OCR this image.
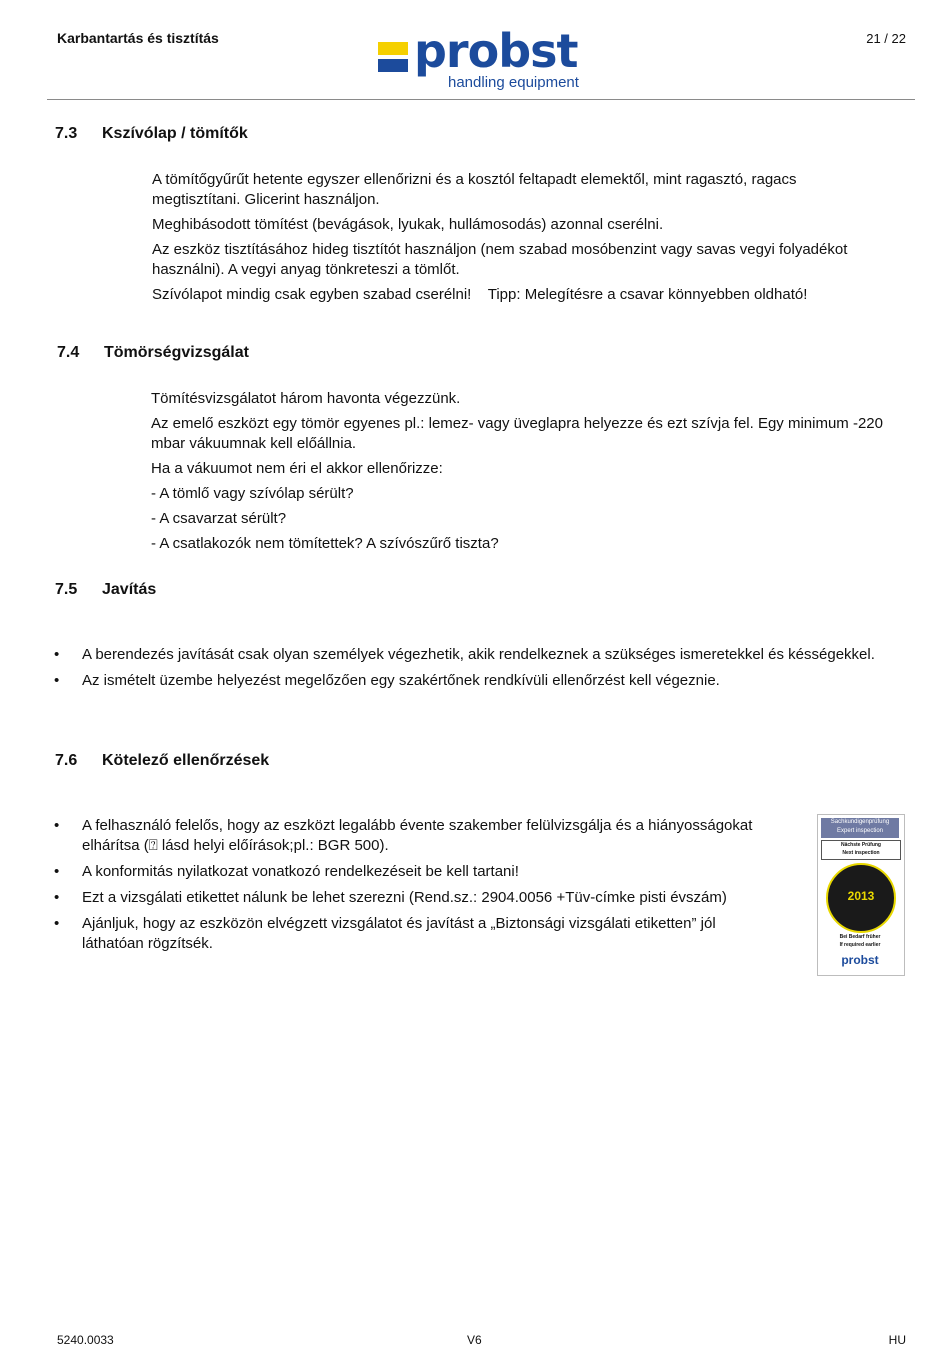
Karbantartás és tisztítás	probst
handling equipment
21 / 22
7.3 Kszívólap / tömítők

A tömítőgyűrűt hetente egyszer ellenőrizni és a kosztól feltapadt elemektől, mint ragasztó, ragacs megtisztítani. Glicerint használjon.

Meghibásodott tömítést (bevágások, lyukak, hullámosodás) azonnal cserélni.

Az eszköz tisztításához hideg tisztítót használjon (nem szabad mosóbenzint vagy savas vegyi folyadékot használni). A vegyi anyag tönkreteszi a tömlőt.

Szívólapot mindig csak egyben szabad cserélni!    Tipp: Melegítésre a csavar könnyebben oldható!

7.4 Tömörségvizsgálat

Tömítésvizsgálatot három havonta végezzünk.

Az emelő eszközt egy tömör egyenes pl.: lemez- vagy üveglapra helyezze és ezt szívja fel. Egy minimum -220 mbar vákuumnak kell előállnia.

Ha a vákuumot nem éri el akkor ellenőrizze:

- A tömlő vagy szívólap sérült?

- A csavarzat sérült?

- A csatlakozók nem tömítettek? A szívószűrő tiszta?

7.5 Javítás
• A berendezés javítását csak olyan személyek végezhetik, akik rendelkeznek a szükséges ismeretekkel és késségekkel.
• Az ismételt üzembe helyezést megelőzően egy szakértőnek rendkívüli ellenőrzést kell végeznie.
7.6 Kötelező ellenőrzések
• A felhasználó felelős, hogy az eszközt legalább évente szakember felülvizsgálja és a hiányosságokat elhárítsa (⍰ lásd helyi előírások;pl.: BGR 500).
• A konformitás nyilatkozat vonatkozó rendelkezéseit be kell tartani!
• Ezt a vizsgálati etikettet nálunk be lehet szerezni (Rend.sz.: 2904.0056 +Tüv-címke pisti évszám)
• Ajánljuk, hogy az eszközön elvégzett vizsgálatot és javítást a „Biztonsági vizsgálati etiketten” jól láthatóan rögzítsék.
Sachkundigenprüfung
Expert inspection
Nächste Prüfung
Next inspection
2013
Bei Bedarf früher
If required earlier
probst
5240.0033	V6	HU
